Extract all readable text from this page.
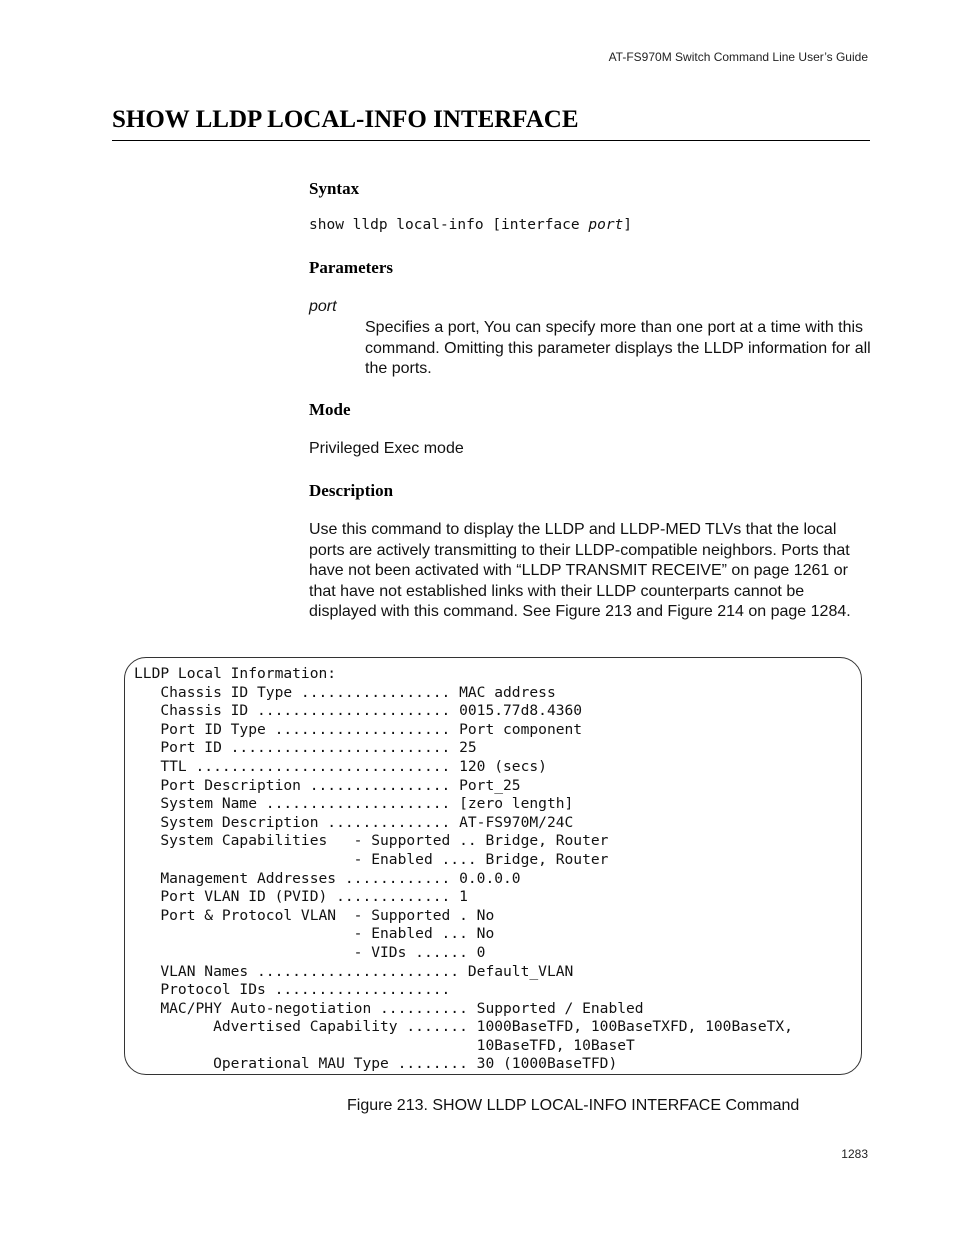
AT-FS970M Switch Command Line User’s Guide
SHOW LLDP LOCAL-INFO INTERFACE
Syntax
show lldp local-info [interface port]
Parameters
port
Specifies a port, You can specify more than one port at a time with this command. Omitting this parameter displays the LLDP information for all the ports.
Mode
Privileged Exec mode
Description
Use this command to display the LLDP and LLDP-MED TLVs that the local ports are actively transmitting to their LLDP-compatible neighbors. Ports that have not been activated with “LLDP TRANSMIT RECEIVE” on page 1261 or that have not established links with their LLDP counterparts cannot be displayed with this command. See Figure 213 and Figure 214 on page 1284.
LLDP Local Information:
Chassis ID Type ................. MAC address
Chassis ID ...................... 0015.77d8.4360
Port ID Type .................... Port component
Port ID ......................... 25
TTL ............................. 120 (secs)
Port Description ................ Port_25
System Name ..................... [zero length]
System Description .............. AT-FS970M/24C
System Capabilities   - Supported .. Bridge, Router
- Enabled .... Bridge, Router
Management Addresses ............ 0.0.0.0
Port VLAN ID (PVID) ............. 1
Port & Protocol VLAN  - Supported . No
- Enabled ... No
- VIDs ...... 0
VLAN Names ....................... Default_VLAN
Protocol IDs ....................
MAC/PHY Auto-negotiation .......... Supported / Enabled
Advertised Capability ....... 1000BaseTFD, 100BaseTXFD, 100BaseTX,
10BaseTFD, 10BaseT
Operational MAU Type ........ 30 (1000BaseTFD)
Figure 213. SHOW LLDP LOCAL-INFO INTERFACE Command
1283
